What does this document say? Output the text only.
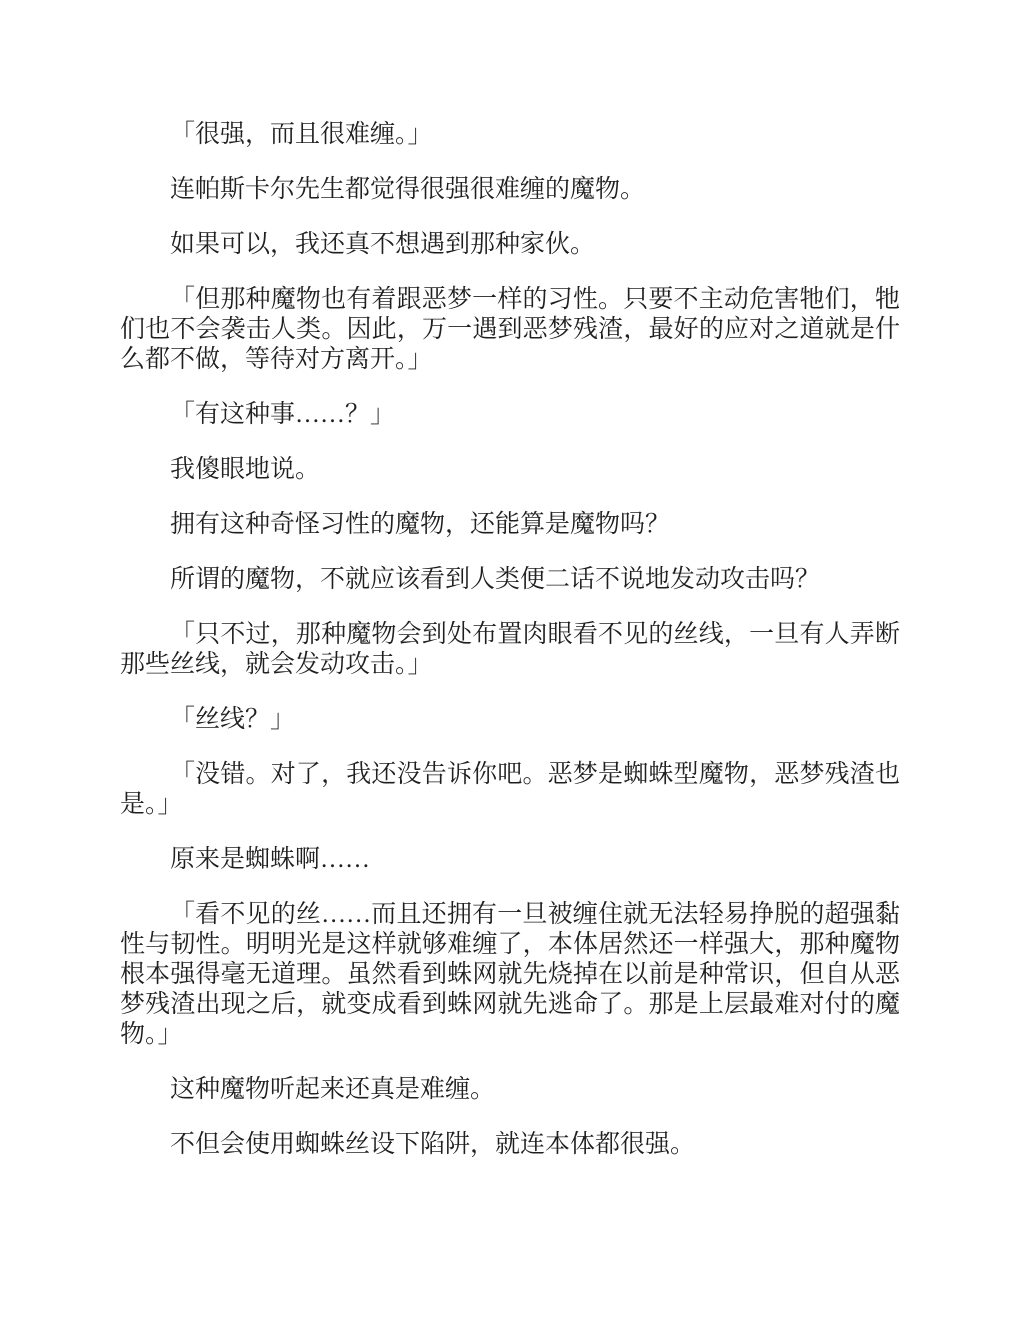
「很强，而且很难缠。」

连帕斯卡尔先生都觉得很强很难缠的魔物。

如果可以，我还真不想遇到那种家伙。

「但那种魔物也有着跟恶梦一样的习性。只要不主动危害牠们，牠们也不会袭击人类。因此，万一遇到恶梦残渣，最好的应对之道就是什么都不做，等待对方离开。」

「有这种事……？」

我傻眼地说。

拥有这种奇怪习性的魔物，还能算是魔物吗？

所谓的魔物，不就应该看到人类便二话不说地发动攻击吗？

「只不过，那种魔物会到处布置肉眼看不见的丝线，一旦有人弄断那些丝线，就会发动攻击。」

「丝线？」

「没错。对了，我还没告诉你吧。恶梦是蜘蛛型魔物，恶梦残渣也是。」

原来是蜘蛛啊……

「看不见的丝……而且还拥有一旦被缠住就无法轻易挣脱的超强黏性与韧性。明明光是这样就够难缠了，本体居然还一样强大，那种魔物根本强得毫无道理。虽然看到蛛网就先烧掉在以前是种常识，但自从恶梦残渣出现之后，就变成看到蛛网就先逃命了。那是上层最难对付的魔物。」

这种魔物听起来还真是难缠。

不但会使用蜘蛛丝设下陷阱，就连本体都很强。
